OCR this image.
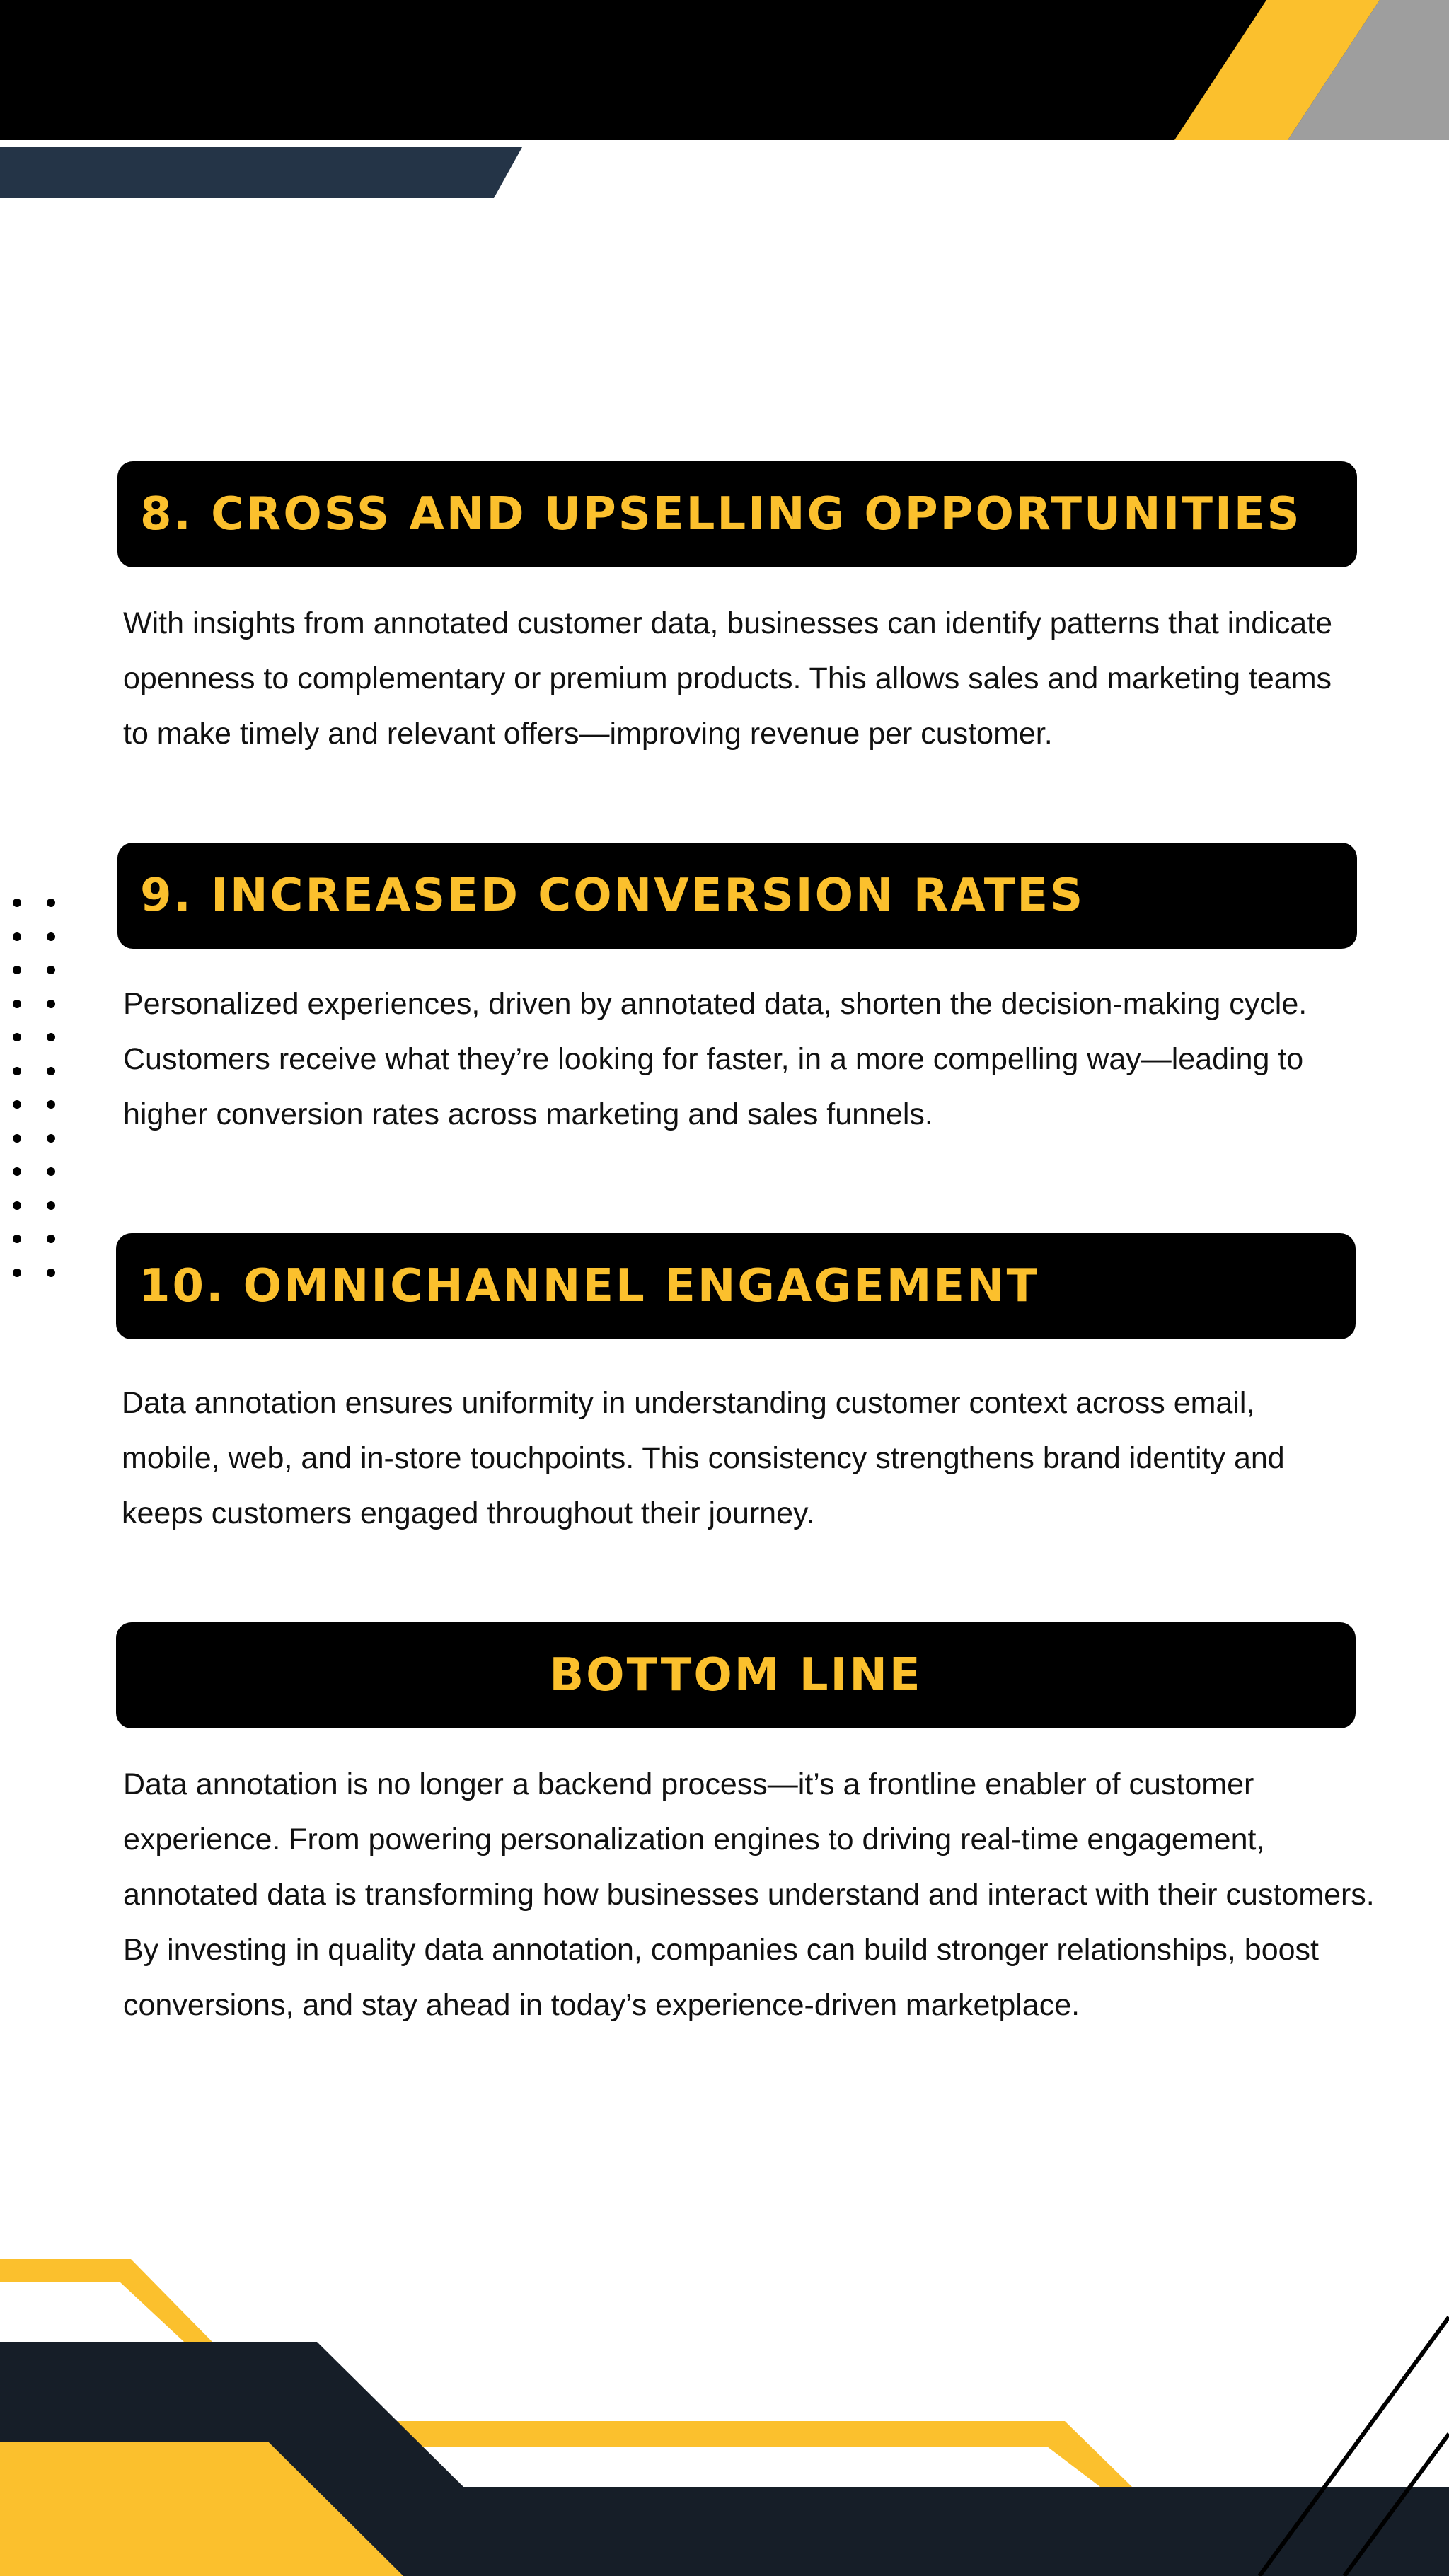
8. CROSS AND UPSELLING OPPORTUNITIES

With insights from annotated customer data, businesses can identify patterns that indicate openness to complementary or premium products. This allows sales and marketing teams to make timely and relevant offers—improving revenue per customer.

9. INCREASED CONVERSION RATES

Personalized experiences, driven by annotated data, shorten the decision-making cycle. Customers receive what they’re looking for faster, in a more compelling way—leading to higher conversion rates across marketing and sales funnels.

10. OMNICHANNEL ENGAGEMENT

Data annotation ensures uniformity in understanding customer context across email, mobile, web, and in-store touchpoints. This consistency strengthens brand identity and keeps customers engaged throughout their journey.

BOTTOM LINE

Data annotation is no longer a backend process—it’s a frontline enabler of customer experience. From powering personalization engines to driving real-time engagement, annotated data is transforming how businesses understand and interact with their customers. By investing in quality data annotation, companies can build stronger relationships, boost conversions, and stay ahead in today’s experience-driven marketplace.
